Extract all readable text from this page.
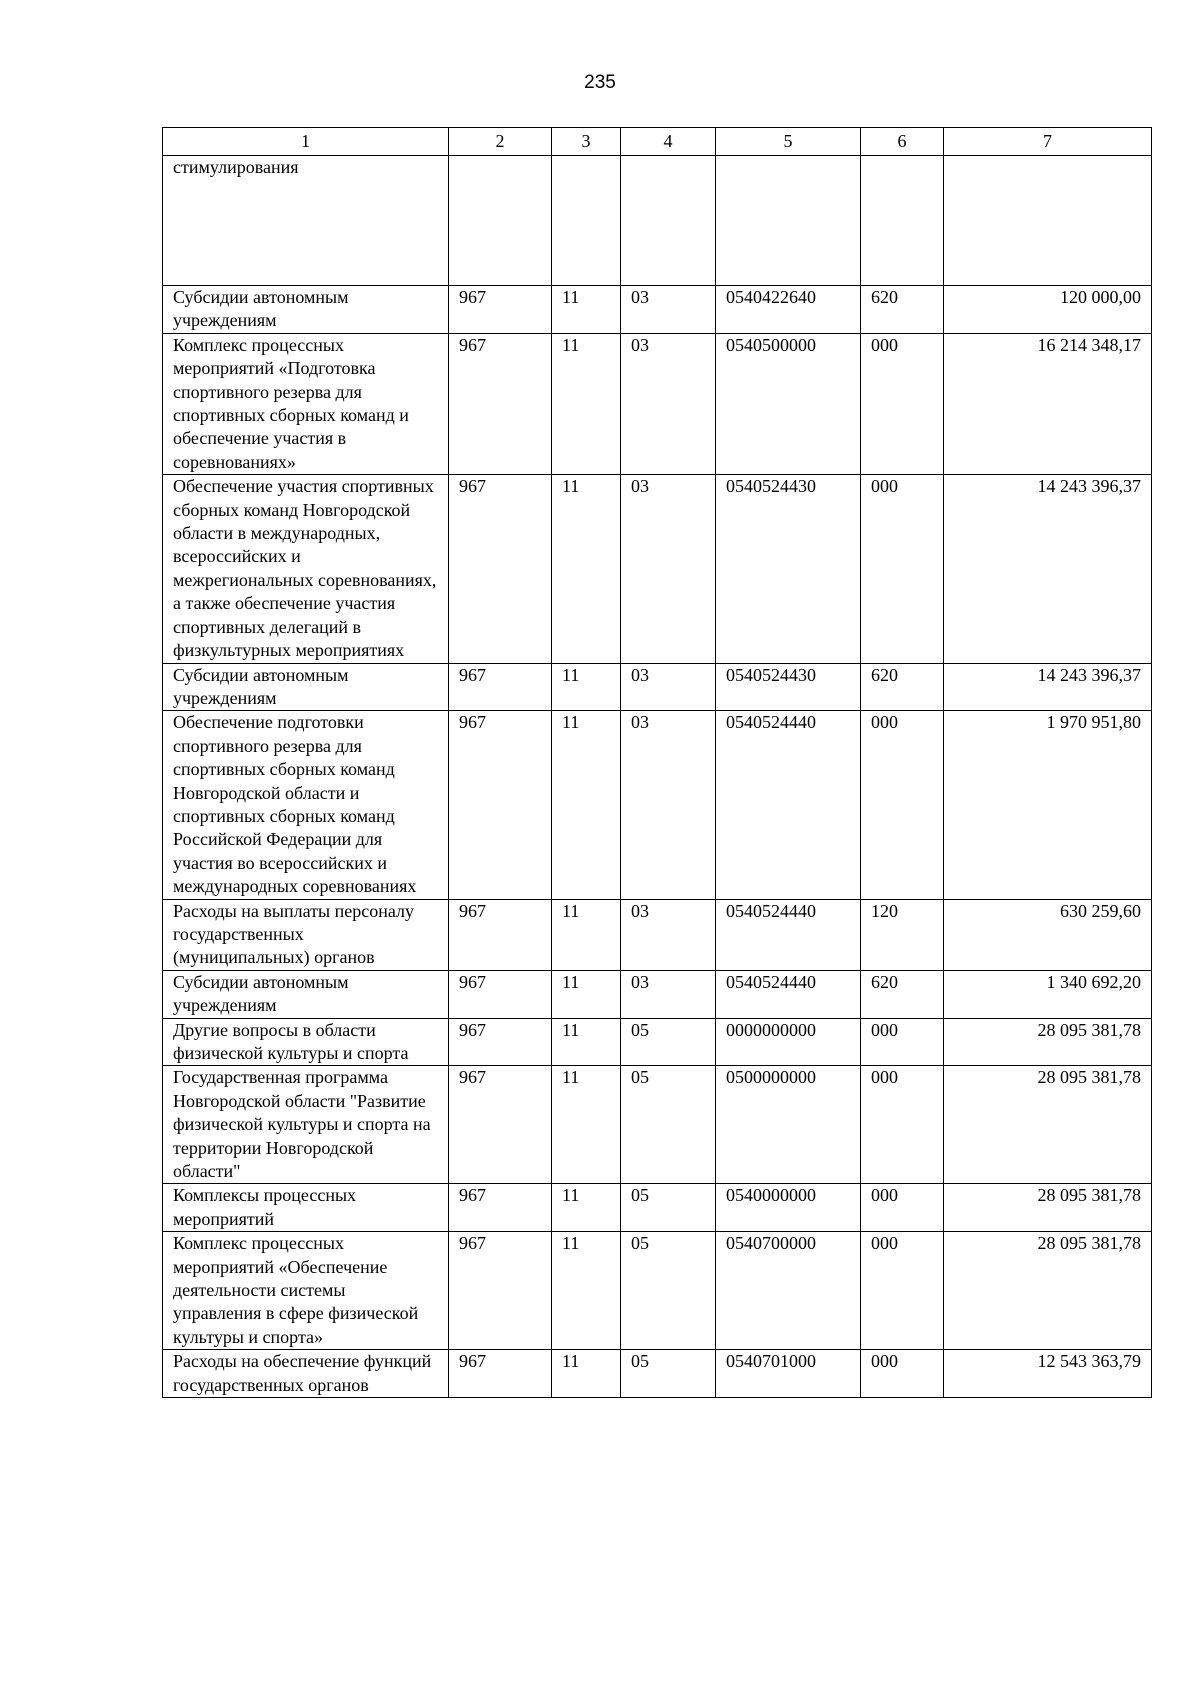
235
1	2	3	4	5	6	7
стимулирования						
Субсидии автономным учреждениям	967	11	03	0540422640	620	120 000,00
Комплекс процессных мероприятий «Подготовка спортивного резерва для спортивных сборных команд и обеспечение участия в соревнованиях»	967	11	03	0540500000	000	16 214 348,17
Обеспечение участия спортивных сборных команд Новгородской области в международных, всероссийских и межрегиональных соревнованиях, а также обеспечение участия спортивных делегаций в физкультурных мероприятиях	967	11	03	0540524430	000	14 243 396,37
Субсидии автономным учреждениям	967	11	03	0540524430	620	14 243 396,37
Обеспечение подготовки спортивного резерва для спортивных сборных команд Новгородской области и спортивных сборных команд Российской Федерации для участия во всероссийских и международных соревнованиях	967	11	03	0540524440	000	1 970 951,80
Расходы на выплаты персоналу государственных (муниципальных) органов	967	11	03	0540524440	120	630 259,60
Субсидии автономным учреждениям	967	11	03	0540524440	620	1 340 692,20
Другие вопросы в области физической культуры и спорта	967	11	05	0000000000	000	28 095 381,78
Государственная программа Новгородской области "Развитие физической культуры и спорта на территории Новгородской области"	967	11	05	0500000000	000	28 095 381,78
Комплексы процессных мероприятий	967	11	05	0540000000	000	28 095 381,78
Комплекс процессных мероприятий «Обеспечение деятельности системы управления в сфере физической культуры и спорта»	967	11	05	0540700000	000	28 095 381,78
Расходы на обеспечение функций государственных органов	967	11	05	0540701000	000	12 543 363,79
